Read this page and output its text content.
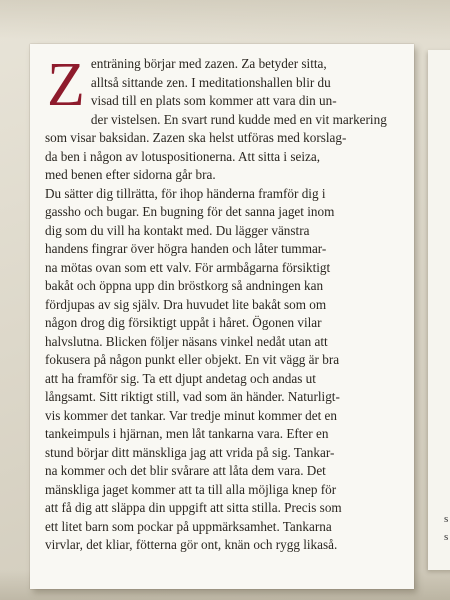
s
s
Z enträning börjar med zazen. Za betyder sitta,
alltså sittande zen. I meditationshallen blir du
visad till en plats som kommer att vara din un-
der vistelsen. En svart rund kudde med en vit markering
som visar baksidan. Zazen ska helst utföras med korslag-
da ben i någon av lotuspositionerna. Att sitta i seiza,
med benen efter sidorna går bra.
Du sätter dig tillrätta, för ihop händerna framför dig i
gassho och bugar. En bugning för det sanna jaget inom
dig som du vill ha kontakt med. Du lägger vänstra
handens fingrar över högra handen och låter tummar-
na mötas ovan som ett valv. För armbågarna försiktigt
bakåt och öppna upp din bröstkorg så andningen kan
fördjupas av sig själv. Dra huvudet lite bakåt som om
någon drog dig försiktigt uppåt i håret. Ögonen vilar
halvslutna. Blicken följer näsans vinkel nedåt utan att
fokusera på någon punkt eller objekt. En vit vägg är bra
att ha framför sig. Ta ett djupt andetag och andas ut
långsamt. Sitt riktigt still, vad som än händer. Naturligt-
vis kommer det tankar. Var tredje minut kommer det en
tankeimpuls i hjärnan, men låt tankarna vara. Efter en
stund börjar ditt mänskliga jag att vrida på sig. Tankar-
na kommer och det blir svårare att låta dem vara. Det
mänskliga jaget kommer att ta till alla möjliga knep för
att få dig att släppa din uppgift att sitta stilla. Precis som
ett litet barn som pockar på uppmärksamhet. Tankarna
virvlar, det kliar, fötterna gör ont, knän och rygg likaså.
